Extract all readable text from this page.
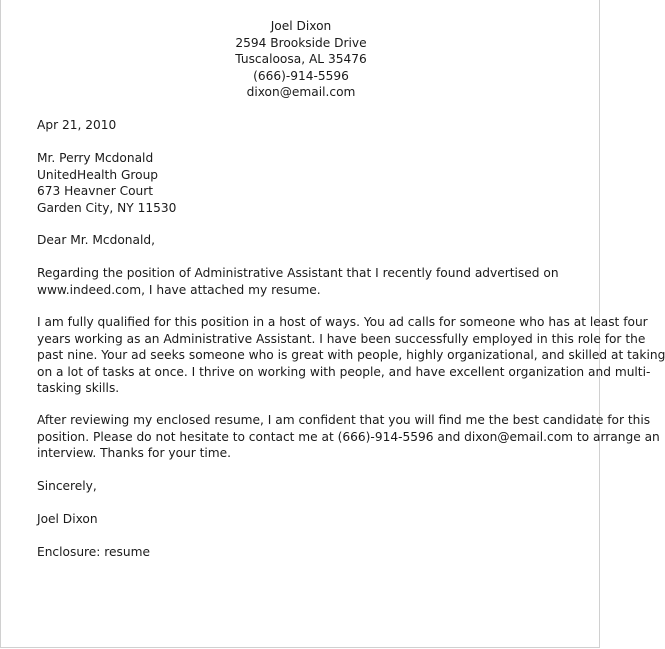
Joel Dixon
2594 Brookside Drive
Tuscaloosa, AL 35476
(666)-914-5596
dixon@email.com
Apr 21, 2010
Mr. Perry Mcdonald
UnitedHealth Group
673 Heavner Court
Garden City, NY 11530
Dear Mr. Mcdonald,
Regarding the position of Administrative Assistant that I recently found advertised on
www.indeed.com, I have attached my resume.
I am fully qualified for this position in a host of ways. You ad calls for someone who has at least four
years working as an Administrative Assistant. I have been successfully employed in this role for the
past nine. Your ad seeks someone who is great with people, highly organizational, and skilled at taking
on a lot of tasks at once. I thrive on working with people, and have excellent organization and multi-
tasking skills.
After reviewing my enclosed resume, I am confident that you will find me the best candidate for this
position. Please do not hesitate to contact me at (666)-914-5596 and dixon@email.com to arrange an
interview. Thanks for your time.
Sincerely,
Joel Dixon
Enclosure: resume
